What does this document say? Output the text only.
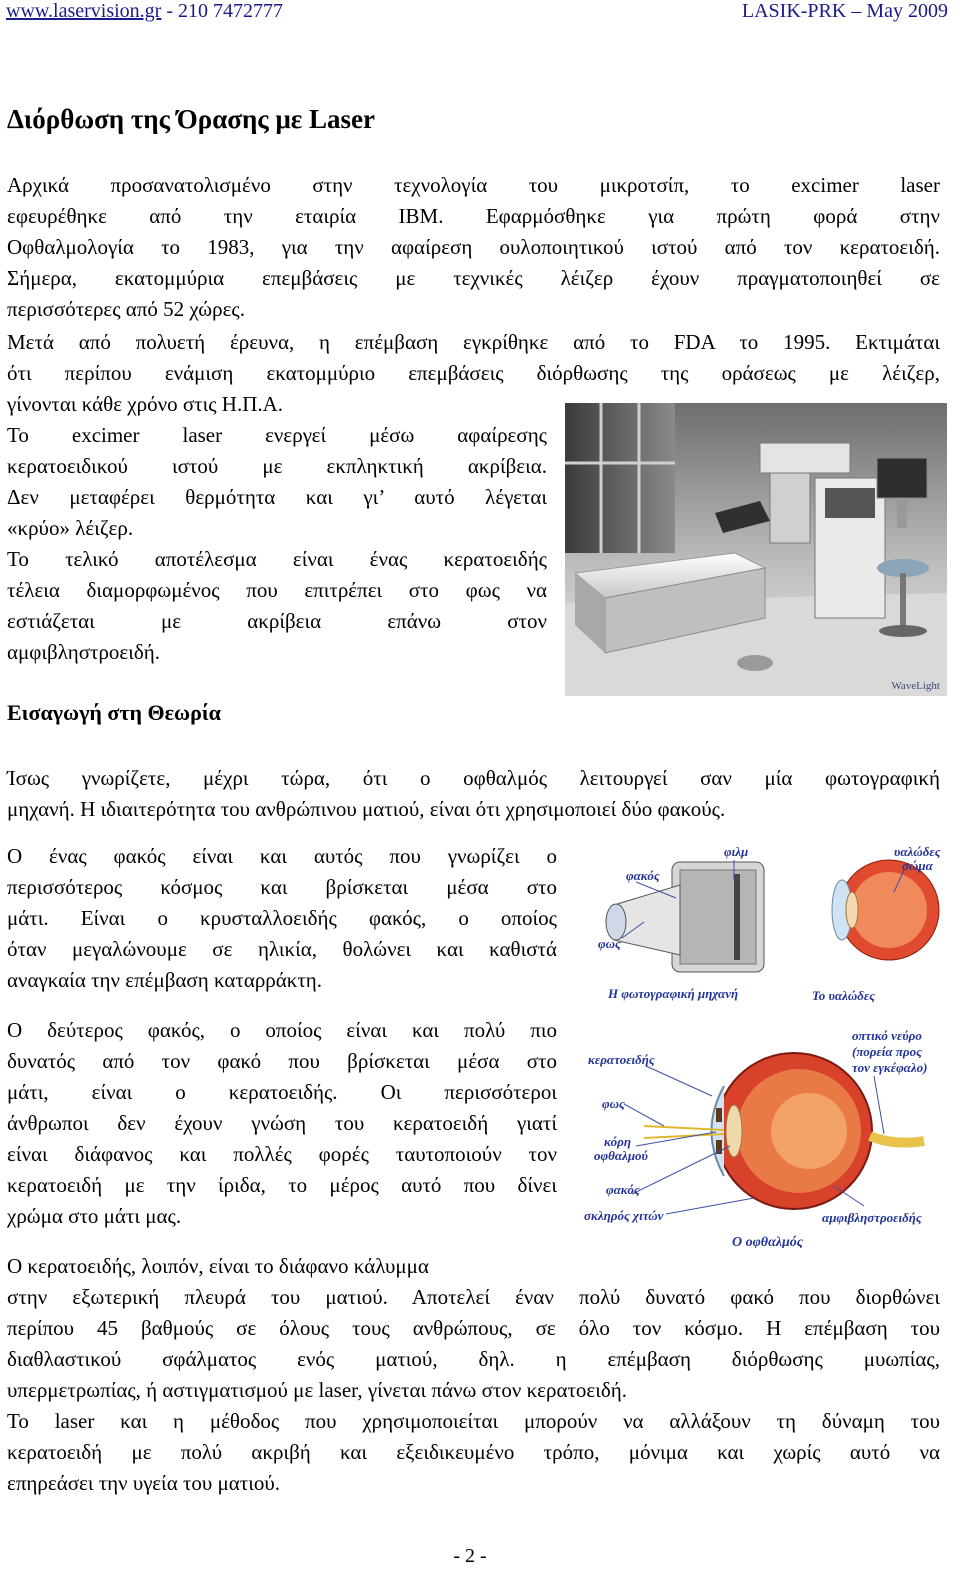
www.laservision.gr - 210 7472777	LASIK-PRK – May 2009
Διόρθωση της Όρασης με Laser
Αρχικά προσανατολισμένο στην τεχνολογία του μικροτσίπ, το excimer laser
εφευρέθηκε από την εταιρία IBM. Εφαρμόσθηκε για πρώτη φορά στην
Οφθαλμολογία το 1983, για την αφαίρεση ουλοποιητικού ιστού από τον κερατοειδή.
Σήμερα, εκατομμύρια επεμβάσεις με τεχνικές λέιζερ έχουν πραγματοποιηθεί σε
περισσότερες από 52 χώρες.
Μετά από πολυετή έρευνα, η επέμβαση εγκρίθηκε από το FDA το 1995. Εκτιμάται
ότι περίπου ενάμιση εκατομμύριο επεμβάσεις διόρθωσης της οράσεως με λέιζερ,
γίνονται κάθε χρόνο στις Η.Π.Α.
Το excimer laser ενεργεί μέσω αφαίρεσης
κερατοειδικού ιστού με εκπληκτική ακρίβεια.
Δεν μεταφέρει θερμότητα και γι’ αυτό λέγεται
«κρύο» λέιζερ.
Το τελικό αποτέλεσμα είναι ένας κερατοειδής
τέλεια διαμορφωμένος που επιτρέπει στο φως να
εστιάζεται με ακρίβεια επάνω στον
αμφιβληστροειδή.
WaveLight
Εισαγωγή στη Θεωρία
Ίσως γνωρίζετε, μέχρι τώρα, ότι ο οφθαλμός λειτουργεί σαν μία φωτογραφική
μηχανή. Η ιδιαιτερότητα του ανθρώπινου ματιού, είναι ότι χρησιμοποιεί δύο φακούς.
Ο ένας φακός είναι και αυτός που γνωρίζει ο
περισσότερος κόσμος και βρίσκεται μέσα στο
μάτι. Είναι ο κρυσταλλοειδής φακός, ο οποίος
όταν μεγαλώνουμε σε ηλικία, θολώνει και καθιστά
αναγκαία την επέμβαση καταρράκτη.
Ο δεύτερος φακός, ο οποίος είναι και πολύ πιο
δυνατός από τον φακό που βρίσκεται μέσα στο
μάτι, είναι ο κερατοειδής. Οι περισσότεροι
άνθρωποι δεν έχουν γνώση του κερατοειδή γιατί
είναι διάφανος και πολλές φορές ταυτοποιούν τον
κερατοειδή με την ίριδα, το μέρος αυτό που δίνει
χρώμα στο μάτι μας.
Ο κερατοειδής, λοιπόν, είναι το διάφανο κάλυμμα
στην εξωτερική πλευρά του ματιού. Αποτελεί έναν πολύ δυνατό φακό που διορθώνει
περίπου 45 βαθμούς σε όλους τους ανθρώπους, σε όλο τον κόσμο. Η επέμβαση του
διαθλαστικού σφάλματος ενός ματιού, δηλ. η επέμβαση διόρθωσης μυωπίας,
υπερμετρωπίας, ή αστιγματισμού με laser, γίνεται πάνω στον κερατοειδή.
Το laser και η μέθοδος που χρησιμοποιείται μπορούν να αλλάξουν τη δύναμη του
κερατοειδή με πολύ ακριβή και εξειδικευμένο τρόπο, μόνιμα και χωρίς αυτό να
επηρεάσει την υγεία του ματιού.
φακός
φιλμ
φως
Η φωτογραφική μηχανή
υαλώδες
σώμα
Το υαλώδες
κερατοειδής
φως
κόρη
οφθαλμού
φακός
σκληρός χιτών
οπτικό νεύρο
(πορεία προς
τον εγκέφαλο)
αμφιβληστροειδής
Ο οφθαλμός
- 2 -
